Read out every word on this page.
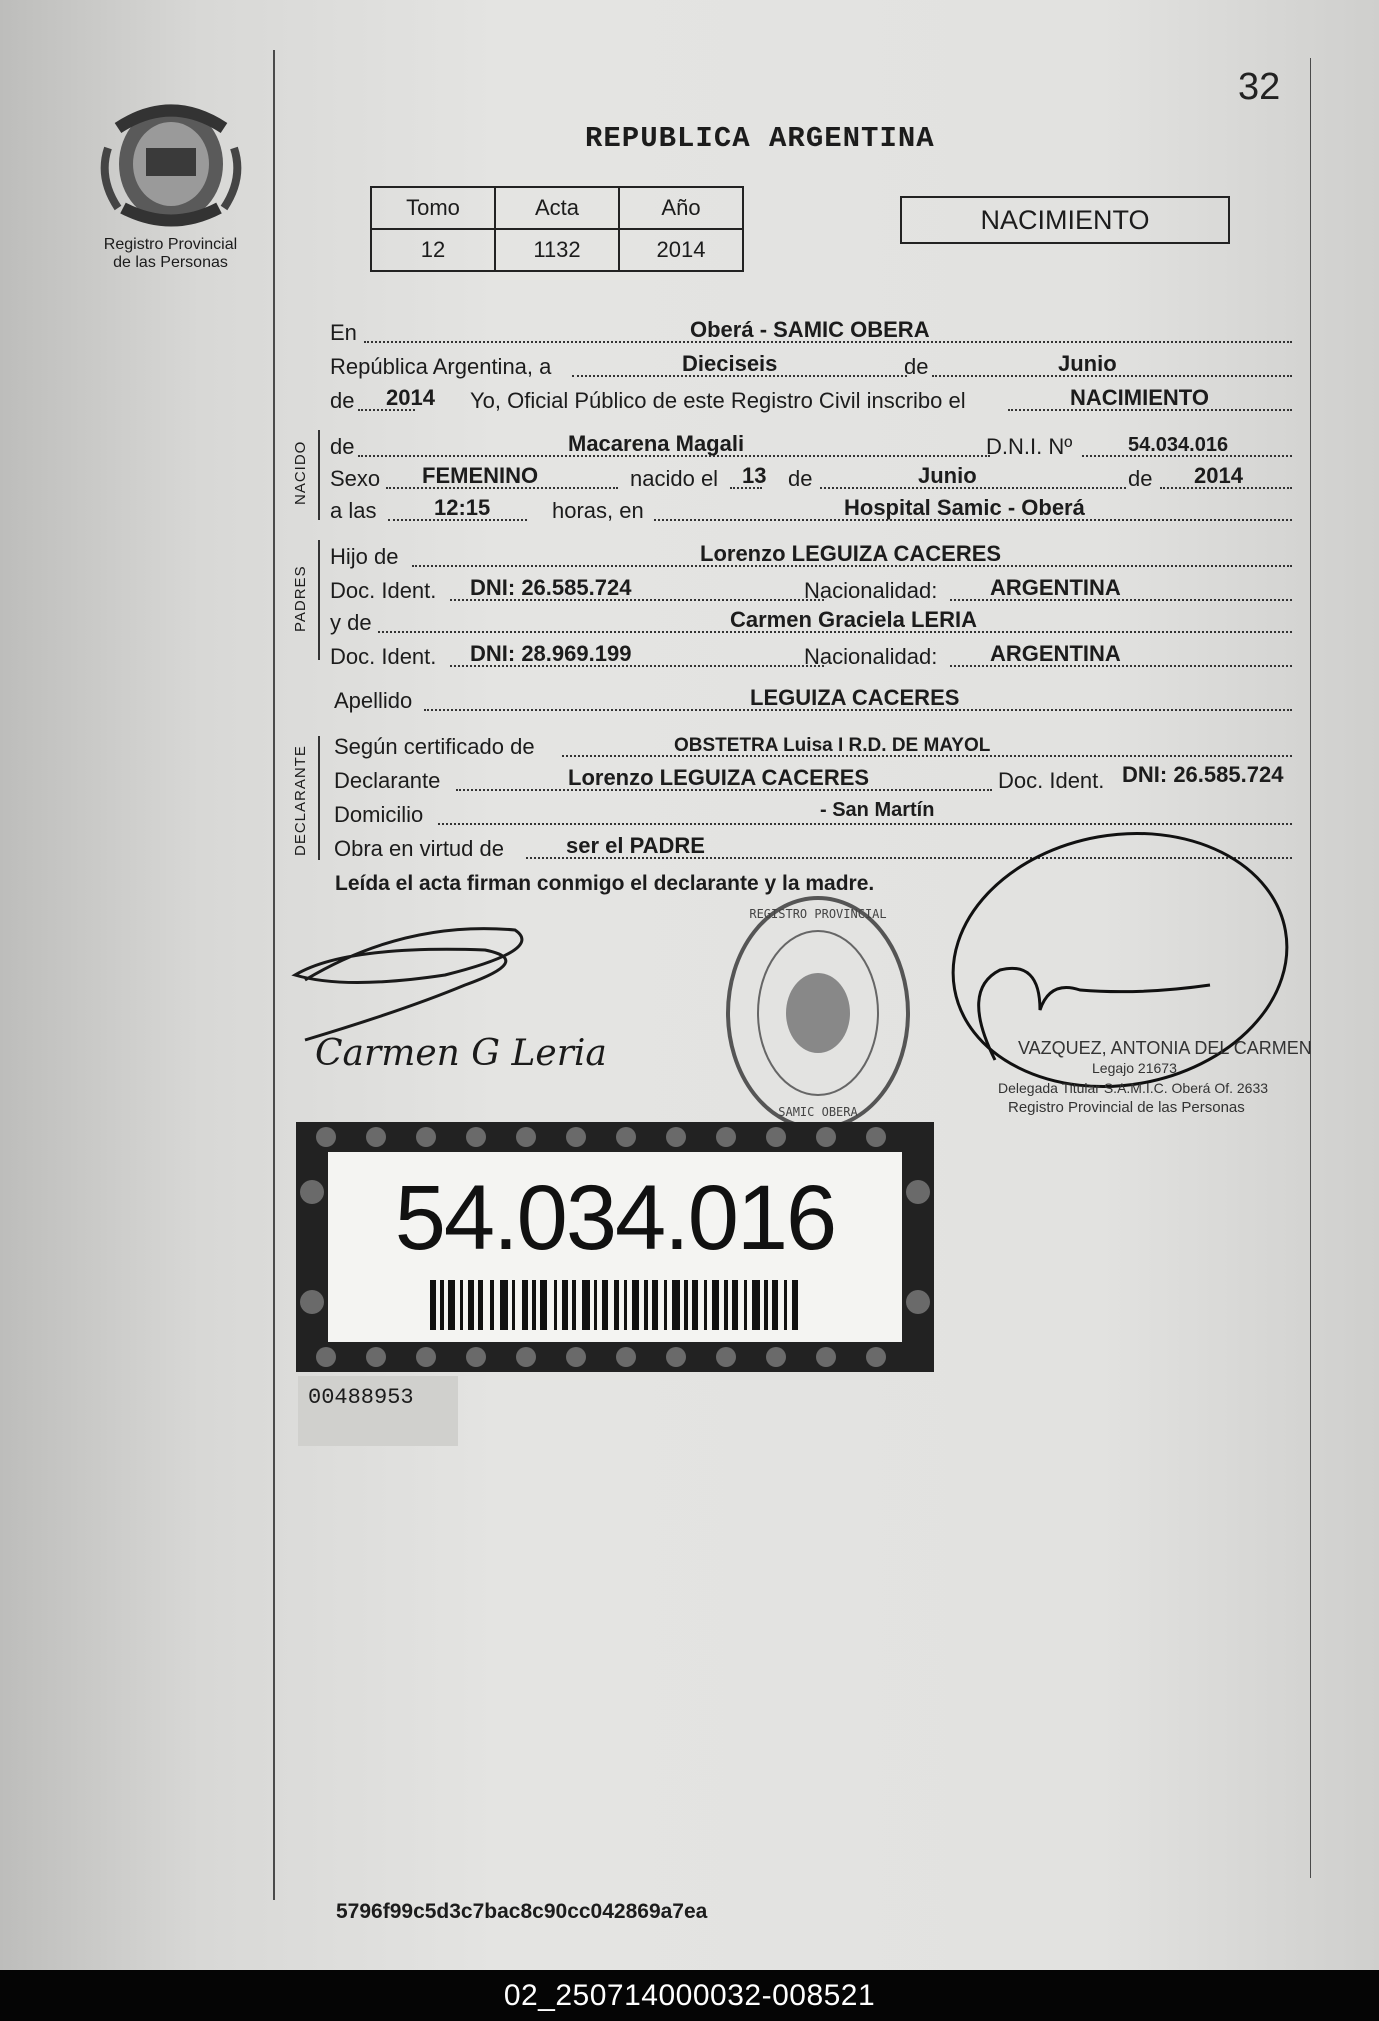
32
REPUBLICA ARGENTINA
Registro Provincial
de las Personas
Tomo	Acta	Año
12	1132	2014
NACIMIENTO
En	Oberá - SAMIC OBERA
República Argentina, a	Dieciseis	de	Junio
de 2014 Yo, Oficial Público de este Registro Civil inscribo el	NACIMIENTO
NACIDO de	Macarena Magali	D.N.I. Nº	54.034.016
Sexo FEMENINO	nacido el 13 de	Junio	de 2014
a las	12:15	horas, en	Hospital Samic - Oberá
PADRES
Hijo de	Lorenzo LEGUIZA CACERES
Doc. Ident. DNI: 26.585.724	Nacionalidad: ARGENTINA
y de	Carmen Graciela LERIA
Doc. Ident. DNI: 28.969.199	Nacionalidad: ARGENTINA
Apellido	LEGUIZA CACERES
DECLARANTE Según certificado de	OBSTETRA Luisa I R.D. DE MAYOL
Declarante	Lorenzo LEGUIZA CACERES	Doc. Ident. DNI: 26.585.724
Domicilio	- San Martín
Obra en virtud de	ser el PADRE
Leída el acta firman conmigo el declarante y la madre.
Carmen G Leria
REGISTRO PROVINCIAL
SAMIC OBERA
VAZQUEZ, ANTONIA DEL CARMEN
Legajo 21673
Delegada Titular S.A.M.I.C. Oberá Of. 2633
Registro Provincial de las Personas
54.034.016
00488953
5796f99c5d3c7bac8c90cc042869a7ea
02_250714000032-008521
